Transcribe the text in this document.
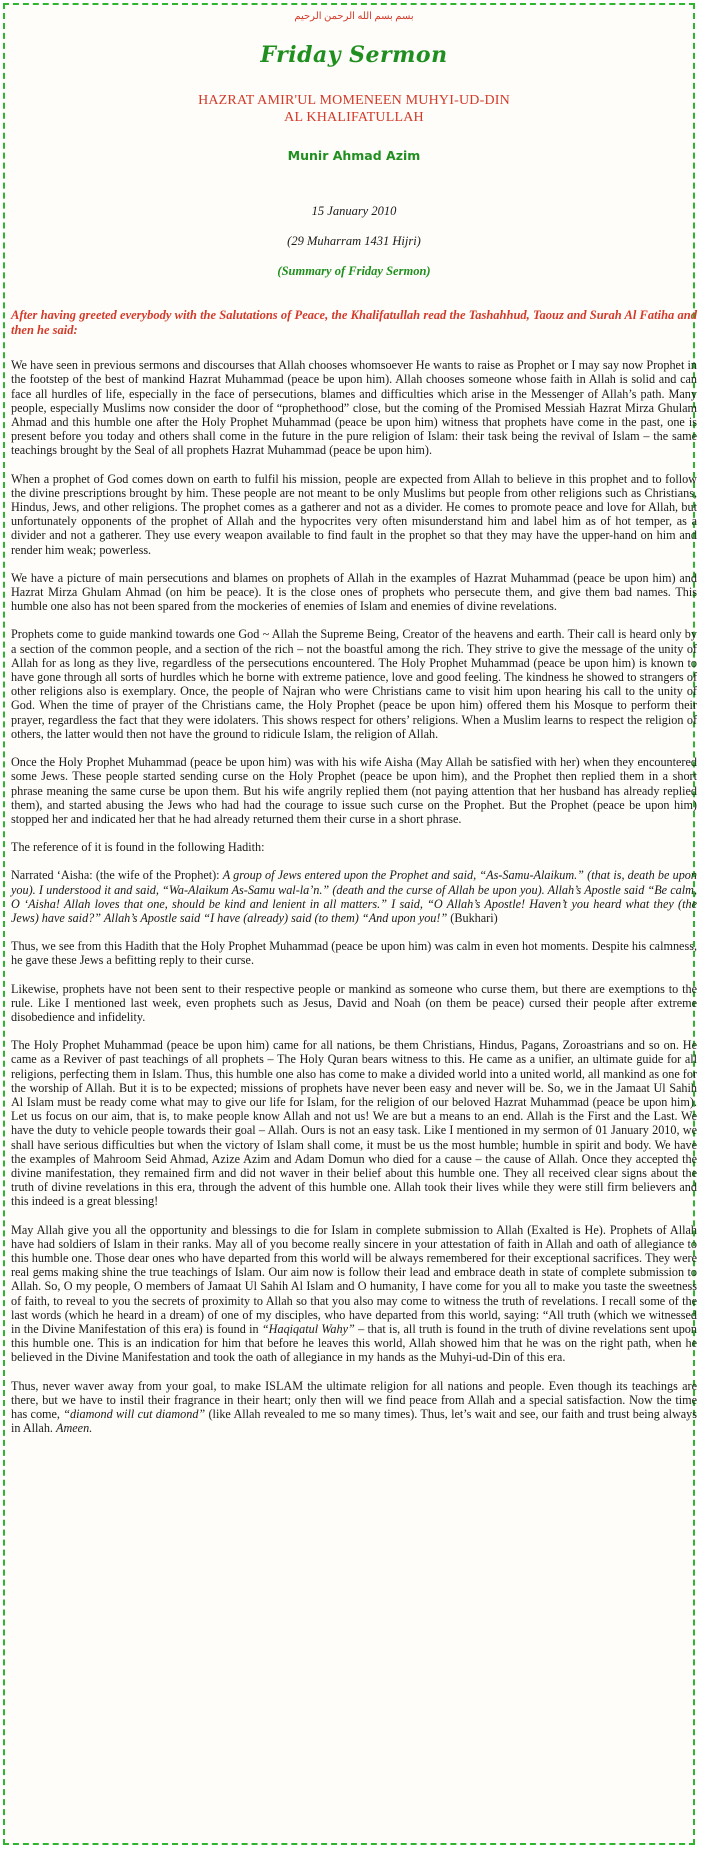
بسم بسم الله الرحمن الرحيم
Friday Sermon
HAZRAT AMIR'UL MOMENEEN MUHYI-UD-DIN
AL KHALIFATULLAH
Munir Ahmad Azim
15 January 2010
(29 Muharram 1431 Hijri)
(Summary of Friday Sermon)
After having greeted everybody with the Salutations of Peace, the Khalifatullah read the Tashahhud, Taouz and Surah Al Fatiha and then he said:

We have seen in previous sermons and discourses that Allah chooses whomsoever He wants to raise as Prophet or I may say now Prophet in the footstep of the best of mankind Hazrat Muhammad (peace be upon him). Allah chooses someone whose faith in Allah is solid and can face all hurdles of life, especially in the face of persecutions, blames and difficulties which arise in the Messenger of Allah’s path. Many people, especially Muslims now consider the door of “prophethood” close, but the coming of the Promised Messiah Hazrat Mirza Ghulam Ahmad and this humble one after the Holy Prophet Muhammad (peace be upon him) witness that prophets have come in the past, one is present before you today and others shall come in the future in the pure religion of Islam: their task being the revival of Islam – the same teachings brought by the Seal of all prophets Hazrat Muhammad (peace be upon him).

When a prophet of God comes down on earth to fulfil his mission, people are expected from Allah to believe in this prophet and to follow the divine prescriptions brought by him. These people are not meant to be only Muslims but people from other religions such as Christians, Hindus, Jews, and other religions. The prophet comes as a gatherer and not as a divider. He comes to promote peace and love for Allah, but unfortunately opponents of the prophet of Allah and the hypocrites very often misunderstand him and label him as of hot temper, as a divider and not a gatherer. They use every weapon available to find fault in the prophet so that they may have the upper-hand on him and render him weak; powerless.

We have a picture of main persecutions and blames on prophets of Allah in the examples of Hazrat Muhammad (peace be upon him) and Hazrat Mirza Ghulam Ahmad (on him be peace). It is the close ones of prophets who persecute them, and give them bad names. This humble one also has not been spared from the mockeries of enemies of Islam and enemies of divine revelations.

Prophets come to guide mankind towards one God ~ Allah the Supreme Being, Creator of the heavens and earth. Their call is heard only by a section of the common people, and a section of the rich – not the boastful among the rich. They strive to give the message of the unity of Allah for as long as they live, regardless of the persecutions encountered. The Holy Prophet Muhammad (peace be upon him) is known to have gone through all sorts of hurdles which he borne with extreme patience, love and good feeling. The kindness he showed to strangers of other religions also is exemplary. Once, the people of Najran who were Christians came to visit him upon hearing his call to the unity of God. When the time of prayer of the Christians came, the Holy Prophet (peace be upon him) offered them his Mosque to perform their prayer, regardless the fact that they were idolaters. This shows respect for others’ religions. When a Muslim learns to respect the religion of others, the latter would then not have the ground to ridicule Islam, the religion of Allah.

Once the Holy Prophet Muhammad (peace be upon him) was with his wife Aisha (May Allah be satisfied with her) when they encountered some Jews. These people started sending curse on the Holy Prophet (peace be upon him), and the Prophet then replied them in a short phrase meaning the same curse be upon them. But his wife angrily replied them (not paying attention that her husband has already replied them), and started abusing the Jews who had had the courage to issue such curse on the Prophet. But the Prophet (peace be upon him) stopped her and indicated her that he had already returned them their curse in a short phrase.

The reference of it is found in the following Hadith:

Narrated ‘Aisha: (the wife of the Prophet): A group of Jews entered upon the Prophet and said, “As-Samu-Alaikum.” (that is, death be upon you). I understood it and said, “Wa-Alaikum As-Samu wal-la’n.” (death and the curse of Allah be upon you). Allah’s Apostle said “Be calm, O ‘Aisha! Allah loves that one, should be kind and lenient in all matters.” I said, “O Allah’s Apostle! Haven’t you heard what they (the Jews) have said?” Allah’s Apostle said “I have (already) said (to them) “And upon you!” (Bukhari)

Thus, we see from this Hadith that the Holy Prophet Muhammad (peace be upon him) was calm in even hot moments. Despite his calmness, he gave these Jews a befitting reply to their curse.

Likewise, prophets have not been sent to their respective people or mankind as someone who curse them, but there are exemptions to the rule. Like I mentioned last week, even prophets such as Jesus, David and Noah (on them be peace) cursed their people after extreme disobedience and infidelity.

The Holy Prophet Muhammad (peace be upon him) came for all nations, be them Christians, Hindus, Pagans, Zoroastrians and so on. He came as a Reviver of past teachings of all prophets – The Holy Quran bears witness to this. He came as a unifier, an ultimate guide for all religions, perfecting them in Islam. Thus, this humble one also has come to make a divided world into a united world, all mankind as one for the worship of Allah. But it is to be expected; missions of prophets have never been easy and never will be. So, we in the Jamaat Ul Sahih Al Islam must be ready come what may to give our life for Islam, for the religion of our beloved Hazrat Muhammad (peace be upon him). Let us focus on our aim, that is, to make people know Allah and not us! We are but a means to an end. Allah is the First and the Last. We have the duty to vehicle people towards their goal – Allah. Ours is not an easy task. Like I mentioned in my sermon of 01 January 2010, we shall have serious difficulties but when the victory of Islam shall come, it must be us the most humble; humble in spirit and body. We have the examples of Mahroom Seid Ahmad, Azize Azim and Adam Domun who died for a cause – the cause of Allah. Once they accepted the divine manifestation, they remained firm and did not waver in their belief about this humble one. They all received clear signs about the truth of divine revelations in this era, through the advent of this humble one. Allah took their lives while they were still firm believers and this indeed is a great blessing!

May Allah give you all the opportunity and blessings to die for Islam in complete submission to Allah (Exalted is He). Prophets of Allah have had soldiers of Islam in their ranks. May all of you become really sincere in your attestation of faith in Allah and oath of allegiance to this humble one. Those dear ones who have departed from this world will be always remembered for their exceptional sacrifices. They were real gems making shine the true teachings of Islam. Our aim now is follow their lead and embrace death in state of complete submission to Allah. So, O my people, O members of Jamaat Ul Sahih Al Islam and O humanity, I have come for you all to make you taste the sweetness of faith, to reveal to you the secrets of proximity to Allah so that you also may come to witness the truth of revelations. I recall some of the last words (which he heard in a dream) of one of my disciples, who have departed from this world, saying: “All truth (which we witnessed in the Divine Manifestation of this era) is found in “Haqiqatul Wahy” – that is, all truth is found in the truth of divine revelations sent upon this humble one. This is an indication for him that before he leaves this world, Allah showed him that he was on the right path, when he believed in the Divine Manifestation and took the oath of allegiance in my hands as the Muhyi-ud-Din of this era.

Thus, never waver away from your goal, to make ISLAM the ultimate religion for all nations and people. Even though its teachings are there, but we have to instil their fragrance in their heart; only then will we find peace from Allah and a special satisfaction. Now the time has come, “diamond will cut diamond” (like Allah revealed to me so many times). Thus, let’s wait and see, our faith and trust being always in Allah. Ameen.
